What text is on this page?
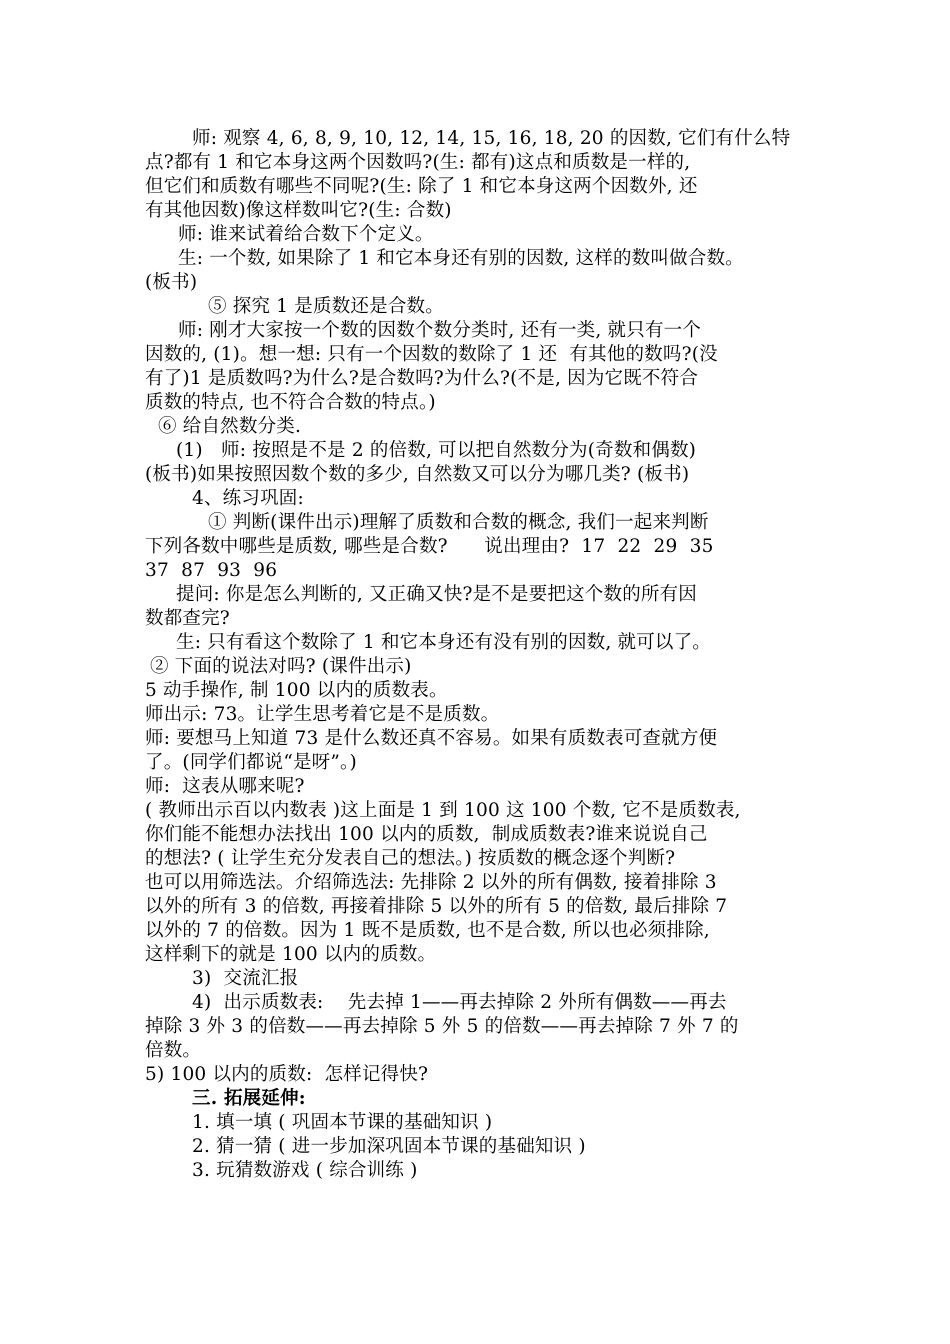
师: 观察 4, 6, 8, 9, 10, 12, 14, 15, 16, 18, 20 的因数, 它们有什么特
点?都有 1 和它本身这两个因数吗?(生: 都有)这点和质数是一样的,
但它们和质数有哪些不同呢?(生: 除了 1 和它本身这两个因数外, 还
有其他因数)像这样数叫它?(生: 合数)
师: 谁来试着给合数下个定义。
生: 一个数, 如果除了 1 和它本身还有别的因数, 这样的数叫做合数。
(板书)
⑤ 探究 1 是质数还是合数。
师: 刚才大家按一个数的因数个数分类时, 还有一类, 就只有一个
因数的, (1)。想一想: 只有一个因数的数除了 1 还  有其他的数吗?(没
有了)1 是质数吗?为什么?是合数吗?为什么?(不是, 因为它既不符合
质数的特点, 也不符合合数的特点。)
⑥ 给自然数分类.
(1)   师: 按照是不是 2 的倍数, 可以把自然数分为(奇数和偶数)
(板书)如果按照因数个数的多少, 自然数又可以分为哪几类? (板书)
4、练习巩固:
① 判断(课件出示)理解了质数和合数的概念, 我们一起来判断
下列各数中哪些是质数, 哪些是合数?      说出理由?  17  22  29  35
37  87  93  96
提问: 你是怎么判断的, 又正确又快?是不是要把这个数的所有因
数都查完?
生: 只有看这个数除了 1 和它本身还有没有别的因数, 就可以了。
② 下面的说法对吗? (课件出示)
5 动手操作, 制 100 以内的质数表。
师出示: 73。让学生思考着它是不是质数。
师: 要想马上知道 73 是什么数还真不容易。如果有质数表可查就方便
了。(同学们都说“是呀”。)
师:  这表从哪来呢?
( 教师出示百以内数表 )这上面是 1 到 100 这 100 个数, 它不是质数表,
你们能不能想办法找出 100 以内的质数,  制成质数表?谁来说说自己
的想法? ( 让学生充分发表自己的想法。) 按质数的概念逐个判断?
也可以用筛选法。介绍筛选法: 先排除 2 以外的所有偶数, 接着排除 3
以外的所有 3 的倍数, 再接着排除 5 以外的所有 5 的倍数, 最后排除 7
以外的 7 的倍数。因为 1 既不是质数, 也不是合数, 所以也必须排除,
这样剩下的就是 100 以内的质数。
3)  交流汇报
4)  出示质数表:    先去掉 1——再去掉除 2 外所有偶数——再去
掉除 3 外 3 的倍数——再去掉除 5 外 5 的倍数——再去掉除 7 外 7 的
倍数。
5) 100 以内的质数:  怎样记得快?
三. 拓展延伸:
1. 填一填 ( 巩固本节课的基础知识 )
2. 猜一猜 ( 进一步加深巩固本节课的基础知识 )
3. 玩猜数游戏 ( 综合训练 )
